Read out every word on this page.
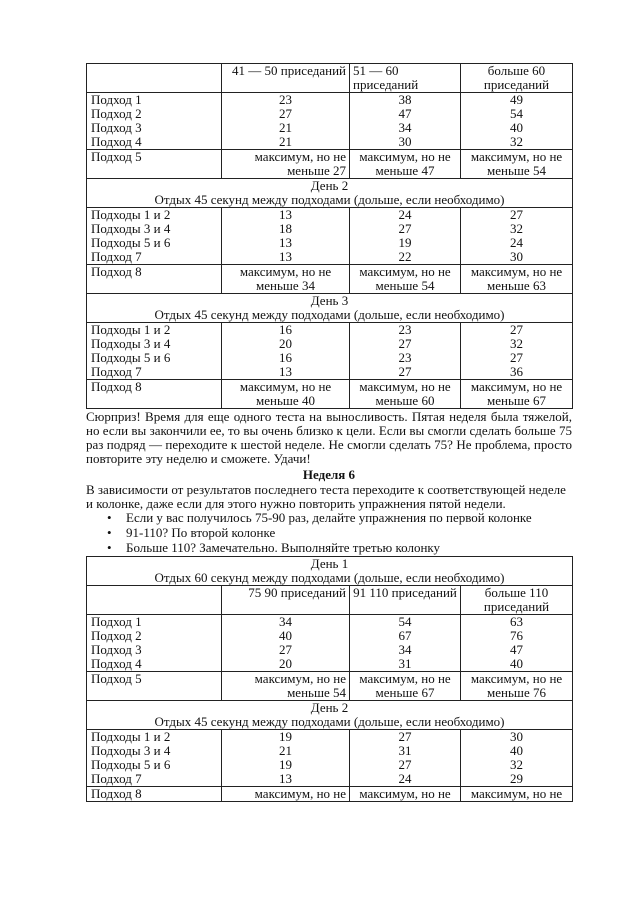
	41 — 50 приседаний	51 — 60 приседаний	больше 60 приседаний
Подход 1	23	38	49
Подход 2	27	47	54
Подход 3	21	34	40
Подход 4	21	30	32
Подход 5	максимум, но не меньше 27	максимум, но не меньше 47	максимум, но не меньше 54

День 2
Отдых 45 секунд между подходами (дольше, если необходимо)			

Подходы 1 и 2	13	24	27
Подходы 3 и 4	18	27	32
Подходы 5 и 6	13	19	24
Подход 7	13	22	30
Подход 8	максимум, но не меньше 34	максимум, но не меньше 54	максимум, но не меньше 63

День 3
Отдых 45 секунд между подходами (дольше, если необходимо)			

Подходы 1 и 2	16	23	27
Подходы 3 и 4	20	27	32
Подходы 5 и 6	16	23	27
Подход 7	13	27	36
Подход 8	максимум, но не меньше 40	максимум, но не меньше 60	максимум, но не меньше 67

Сюрприз! Время для еще одного теста на выносливость. Пятая неделя была тяжелой, но если вы закончили ее, то вы очень близко к цели. Если вы смогли сделать больше 75 раз подряд — переходите к шестой неделе. Не смогли сделать 75? Не проблема, просто повторите эту неделю и сможете. Удачи!

Неделя 6

В зависимости от результатов последнего теста переходите к соответствующей неделе и колонке, даже если для этого нужно повторить упражнения пятой недели.

• Если у вас получилось 75-90 раз, делайте упражнения по первой колонке
• 91-110? По второй колонке
• Больше 110? Замечательно. Выполняйте третью колонку
День 1
Отдых 60 секунд между подходами (дольше, если необходимо)			

	75 90 приседаний	91 110 приседаний	больше 110 приседаний
Подход 1	34	54	63
Подход 2	40	67	76
Подход 3	27	34	47
Подход 4	20	31	40
Подход 5	максимум, но не меньше 54	максимум, но не меньше 67	максимум, но не меньше 76

День 2
Отдых 45 секунд между подходами (дольше, если необходимо)			

Подходы 1 и 2	19	27	30
Подходы 3 и 4	21	31	40
Подходы 5 и 6	19	27	32
Подход 7	13	24	29
Подход 8	максимум, но не	максимум, но не	максимум, но не
